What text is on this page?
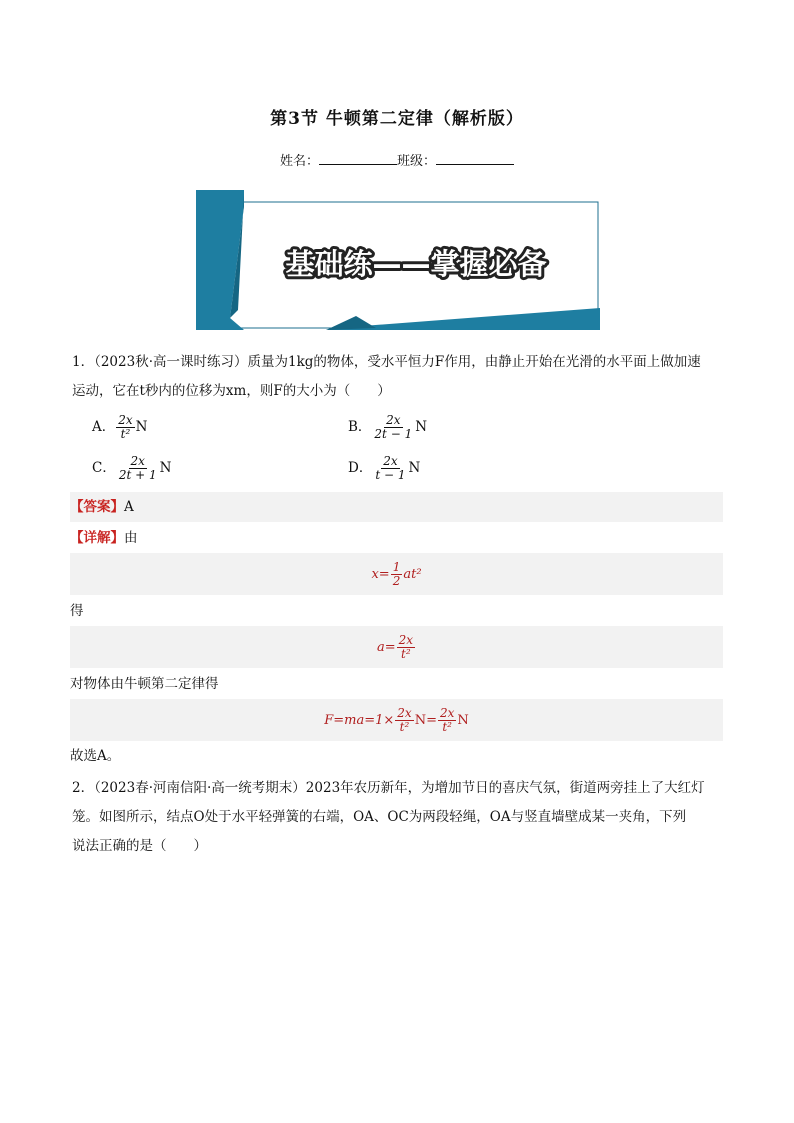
第3节 牛顿第二定律（解析版）
姓名：	班级：
基础练——掌握必备
1．（2023秋·高一课时练习）质量为1kg的物体，受水平恒力F作用，由静止开始在光滑的水平面上做加速
运动，它在t秒内的位移为xm，则F的大小为（　　）
A． $\frac{2x}{\text{t²}}$ N	B． $\frac{2x}{2t - 1}$ N
C． $\frac{2x}{2t + 1}$ N	D． $\frac{2x}{t - 1}$ N
【答案】A
【详解】由
$x= \frac{1}{2} at^2$
得
$a= \frac{2x}{\text{t²}}$
对物体由牛顿第二定律得
$F=ma=1\times \frac{2x}{\text{t²}} N= \frac{2x}{\text{t²}}$ N
故选A。
2．（2023春·河南信阳·高一统考期末）2023年农历新年，为增加节日的喜庆气氛，街道两旁挂上了大红灯
笼。如图所示，结点O处于水平轻弹簧的右端，OA、OC为两段轻绳，OA与竖直墙壁成某一夹角，下列
说法正确的是（　　）
